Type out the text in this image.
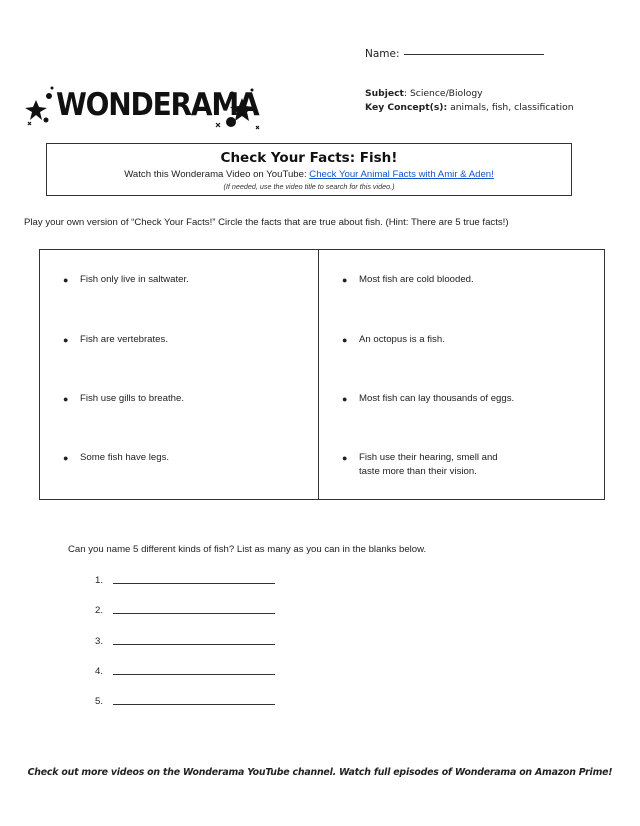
WONDERAMA
Name:
Subject: Science/Biology
Key Concept(s): animals, fish, classification
Check Your Facts: Fish!
Watch this Wonderama Video on YouTube: Check Your Animal Facts with Amir & Aden!
(If needed, use the video title to search for this video.)
Play your own version of “Check Your Facts!” Circle the facts that are true about fish. (Hint: There are 5 true facts!)
● Fish only live in saltwater.
● Fish are vertebrates.
● Fish use gills to breathe.
● Some fish have legs.
● Most fish are cold blooded.
● An octopus is a fish.
● Most fish can lay thousands of eggs.
● Fish use their hearing, smell and
taste more than their vision.
Can you name 5 different kinds of fish? List as many as you can in the blanks below.
1.
2.
3.
4.
5.
Check out more videos on the Wonderama YouTube channel. Watch full episodes of Wonderama on Amazon Prime!
